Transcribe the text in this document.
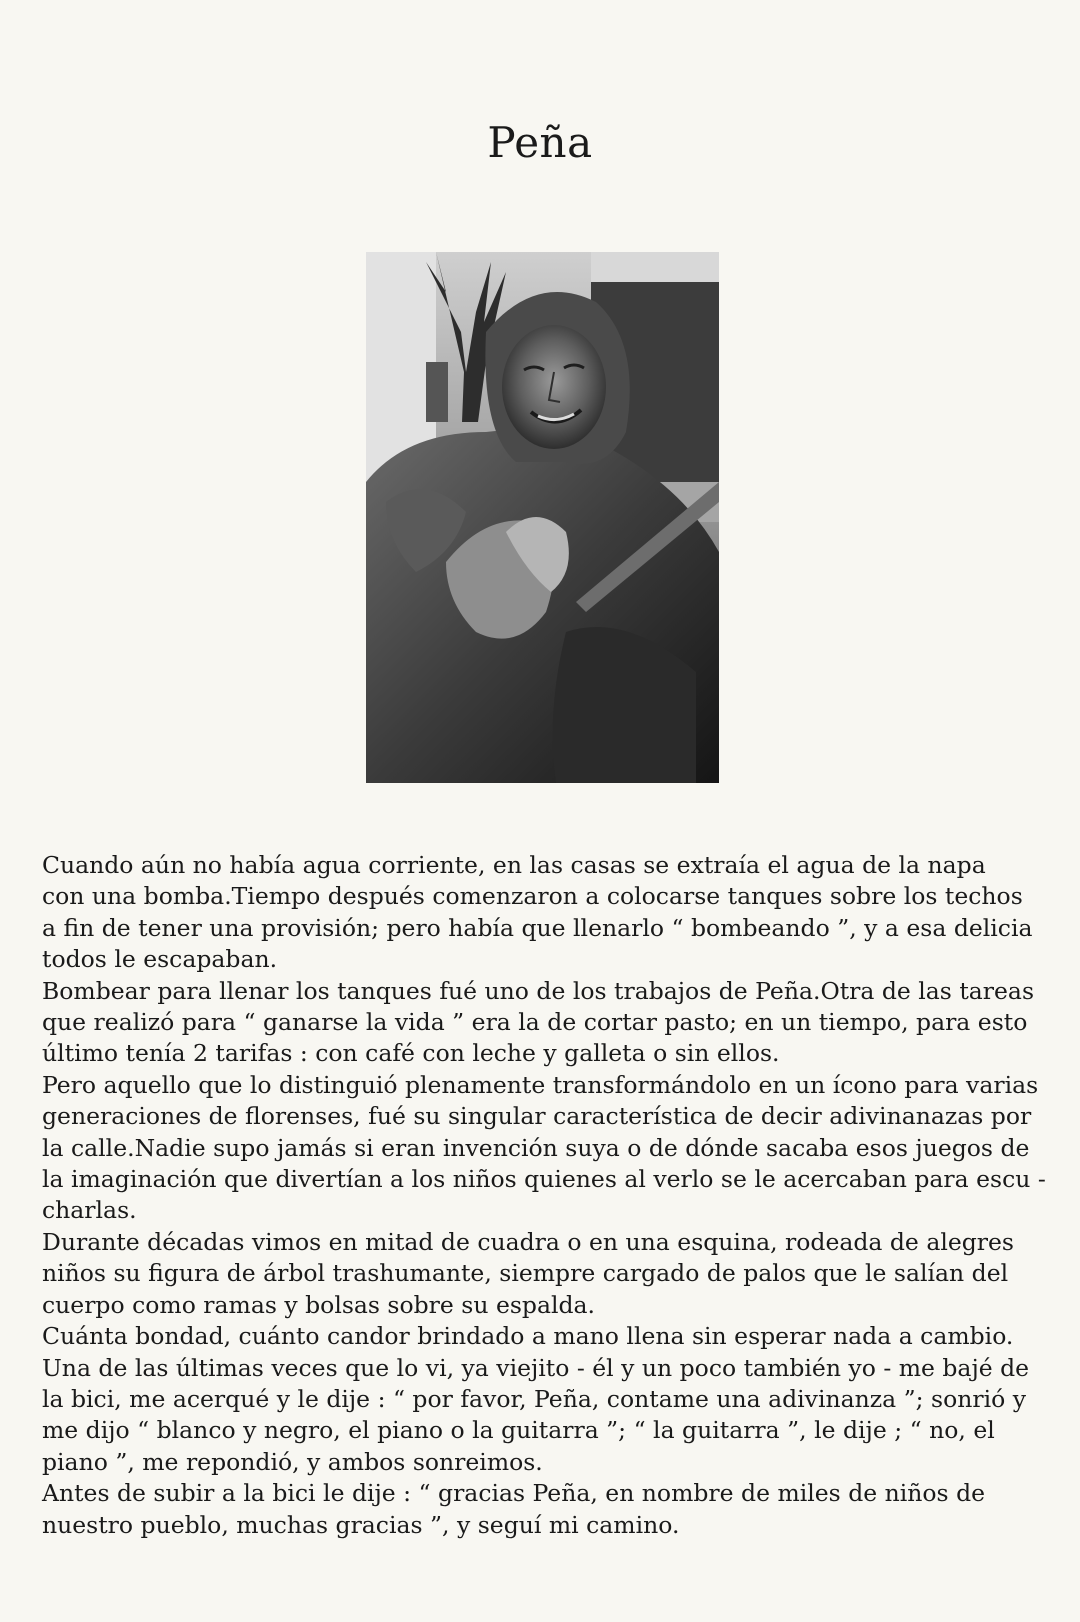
Peña
Cuando aún no había agua corriente, en las casas se extraía el agua de la napa
con una bomba.Tiempo después comenzaron a colocarse tanques sobre los techos
a fin de tener una provisión; pero había que llenarlo “ bombeando ”, y a esa delicia
todos le escapaban.
Bombear para llenar los tanques fué uno de los trabajos de Peña.Otra de las tareas
que realizó para “ ganarse la vida ” era la de cortar pasto; en un tiempo, para esto
último tenía 2 tarifas : con café con leche y galleta o sin ellos.
Pero aquello que lo distinguió plenamente transformándolo en un ícono para varias
generaciones de florenses, fué su singular característica de decir adivinanazas por
la calle.Nadie supo jamás si eran invención suya o de dónde sacaba esos juegos de
la imaginación que divertían a los niños quienes al verlo se le acercaban para escu -
charlas.
Durante décadas vimos en mitad de cuadra o en una esquina, rodeada de alegres
niños su figura de árbol trashumante, siempre cargado de palos que le salían del
cuerpo como ramas y bolsas sobre su espalda.
Cuánta bondad, cuánto candor brindado a mano llena sin esperar nada a cambio.
Una de las últimas veces que lo vi, ya viejito - él y un poco también yo - me bajé de
la bici, me acerqué y le dije : “ por favor, Peña, contame una adivinanza ”; sonrió y
me dijo “ blanco y negro, el piano o la guitarra ”; “ la guitarra ”, le dije ; “ no, el
piano ”, me repondió, y ambos sonreimos.
Antes de subir a la bici le dije : “ gracias Peña, en nombre de miles de niños de
nuestro pueblo, muchas gracias ”, y seguí mi camino.
